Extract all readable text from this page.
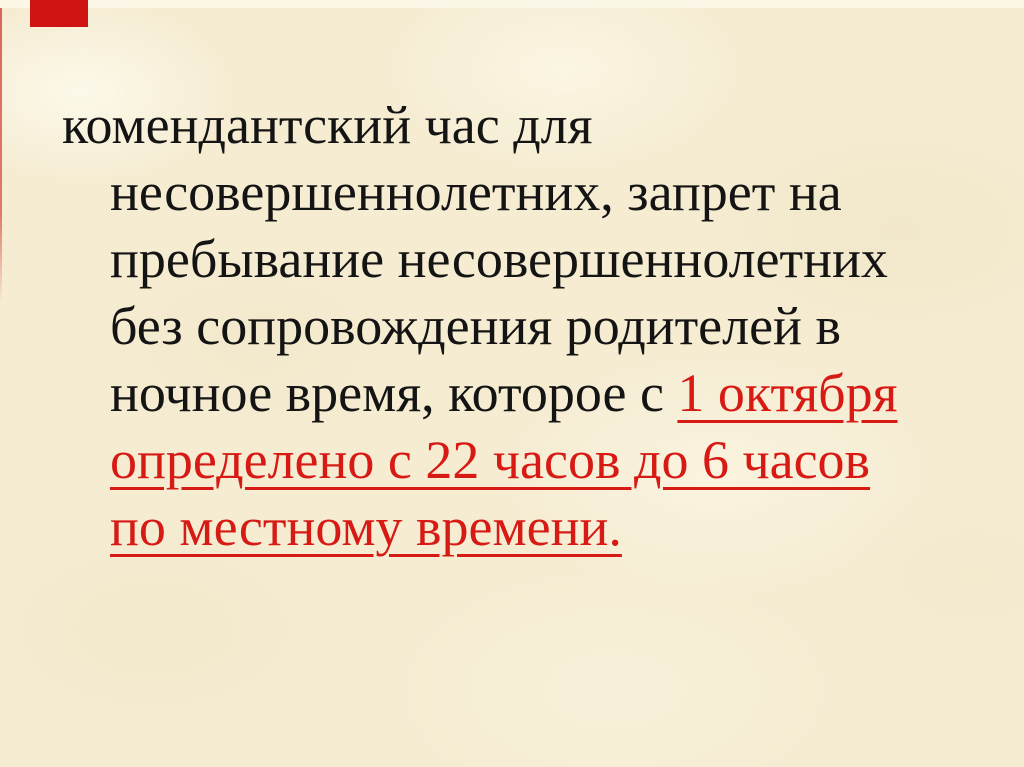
комендантский час для
несовершеннолетних, запрет на
пребывание несовершеннолетних
без сопровождения родителей в
ночное время, которое с 1 октября
определено с 22 часов до 6 часов
по местному времени.
